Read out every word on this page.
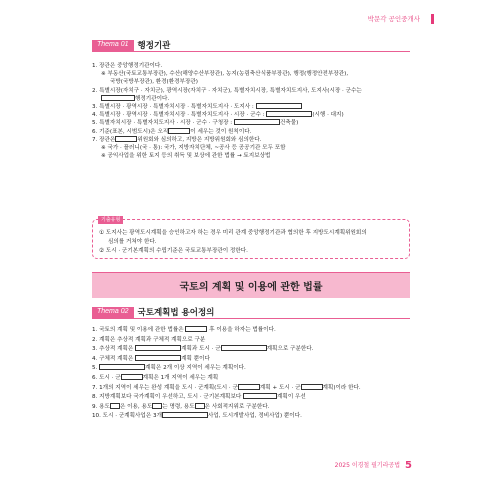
박문각 공인중개사
Thema 01	행정기관
1. 장관은 중앙행정기관이다.
※ 부동산(국토교통부장관), 수산(해양수산부장관), 농지(농림축산식품부장관), 행정(행정안전부장관),
국방(국방부장관), 환경(환경부장관)
2. 특별시장(자치구 · 자치군), 광역시장(자치구 · 자치군), 특별자치시장, 특별자치도지사, 도지사(시장 · 군수는
행정기관이다.
3. 특별시장 · 광역시장 · 특별자치시장 · 특별자치도지사 · 도지사 :
4. 특별시장 · 광역시장 · 특별자치시장 · 특별자치도지사 · 시장 · 군수 :	(시행 · 대지)
5. 특별자치시장 · 특별자치도지사 · 시장 · 군수 · 구청장 :	건축물)
6. 기준(표본, 시범도시)은 오직	이 세우는 것이 원칙이다.
7. 장관은	위원회와 심의하고, 지방은 지방위원회와 심의한다.
※ 국가 · 플러니(국 · 통): 국가, 지방자치단체, ~공사 등 공공기관 모두 포함
※ 공익사업을 위한 토지 등의 취득 및 보상에 관한 법률 → 토지보상법
기출유형
① 도지사는 광역도시계획을 승인하고자 하는 경우 미리 관계 중앙행정기관과 협의한 후 지방도시계획위원회의
심의를 거쳐야 한다.
② 도시 · 군기본계획의 수립기준은 국토교통부장관이 정한다.
국토의 계획 및 이용에 관한 법률
Thema 02	국토계획법 용어정의
1. 국토의 계획 및 이용에 관한 법률은	후 이용을 하자는 법률이다.
2. 계획은 추상적 계획과 구체적 계획으로 구분
3. 추상적 계획은	계획과 도시 · 군	계획으로 구분한다.
4. 구체적 계획은	계획 뿐이다
5.	계획은 2개 이상 지역이 세우는 계획이다.
6. 도시 · 군	계획은 1개 지역이 세우는 계획
7. 1개의 지역이 세우는 완성 계획을 도시 · 군계획(도시 · 군	계획 + 도시 · 군	계획)이라 한다.
8. 지방계획보다 국가계획이 우선하고, 도시 · 군기본계획보다	계획이 우선
9. 용도 은 이용, 용도 는 명령, 용도 은 사회적지위로 구분한다.
10. 도시 · 군계획사업은 3개	사업, 도시개발사업, 정비사업) 뿐이다.
2025 이경철 필기라공법 5
